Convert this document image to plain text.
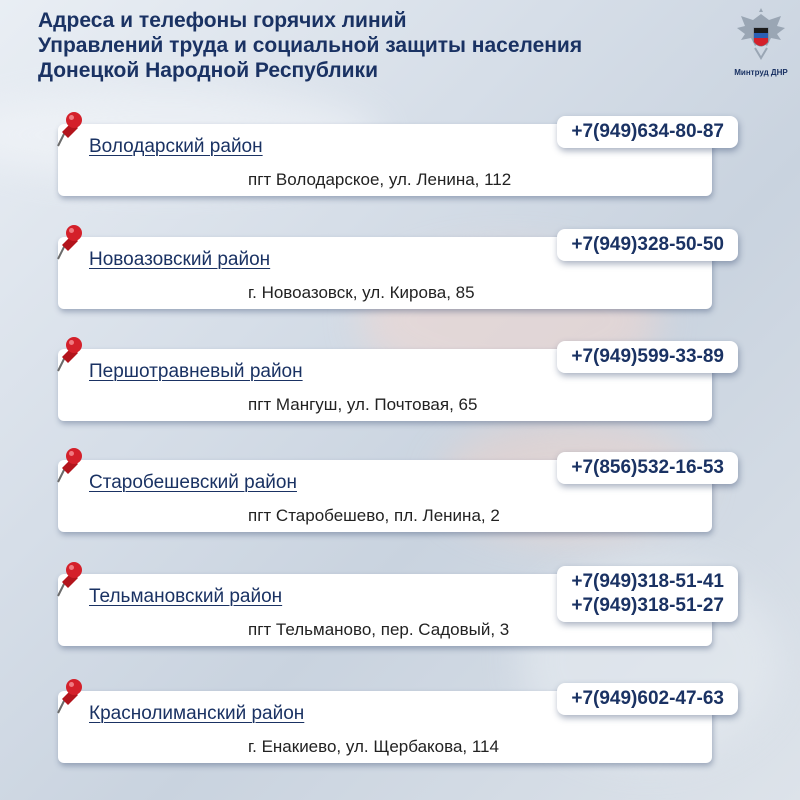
Адреса и телефоны горячих линий
Управлений труда и социальной защиты населения
Донецкой Народной Республики	Минтруд ДНР
Володарский район
пгт Володарское, ул. Ленина, 112
+7(949)634-80-87
Новоазовский район
г. Новоазовск, ул. Кирова, 85
+7(949)328-50-50
Першотравневый район
пгт Мангуш, ул. Почтовая, 65
+7(949)599-33-89
Старобешевский район
пгт Старобешево, пл. Ленина, 2
+7(856)532-16-53
Тельмановский район
пгт Тельманово, пер. Садовый, 3
+7(949)318-51-41
+7(949)318-51-27
Краснолиманский район
г. Енакиево, ул. Щербакова, 114
+7(949)602-47-63
